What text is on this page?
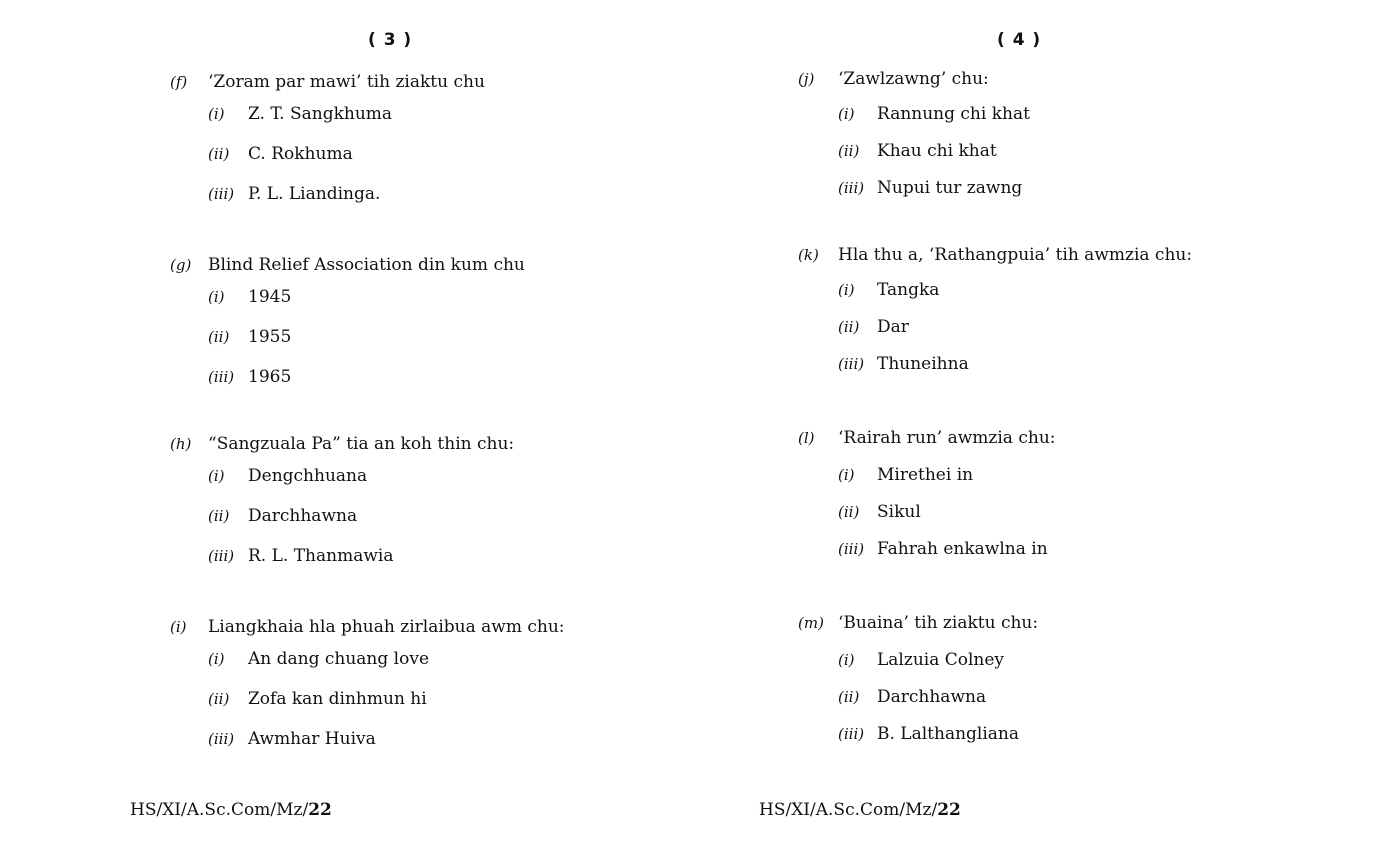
( 3 )
(f) ‘Zoram par mawi’ tih ziaktu chu
(i) Z. T. Sangkhuma
(ii) C. Rokhuma
(iii) P. L. Liandinga.
(g) Blind Relief Association din kum chu
(i) 1945
(ii) 1955
(iii) 1965
(h) “Sangzuala Pa” tia an koh thin chu:
(i) Dengchhuana
(ii) Darchhawna
(iii) R. L. Thanmawia
(i) Liangkhaia hla phuah zirlaibua awm chu:
(i) An dang chuang love
(ii) Zofa kan dinhmun hi
(iii) Awmhar Huiva
HS/XI/A.Sc.Com/Mz/22
( 4 )
(j) ‘Zawlzawng’ chu:
(i) Rannung chi khat
(ii) Khau chi khat
(iii) Nupui tur zawng
(k) Hla thu a, ‘Rathangpuia’ tih awmzia chu:
(i) Tangka
(ii) Dar
(iii) Thuneihna
(l) ‘Rairah run’ awmzia chu:
(i) Mirethei in
(ii) Sikul
(iii) Fahrah enkawlna in
(m) ‘Buaina’ tih ziaktu chu:
(i) Lalzuia Colney
(ii) Darchhawna
(iii) B. Lalthangliana
HS/XI/A.Sc.Com/Mz/22
